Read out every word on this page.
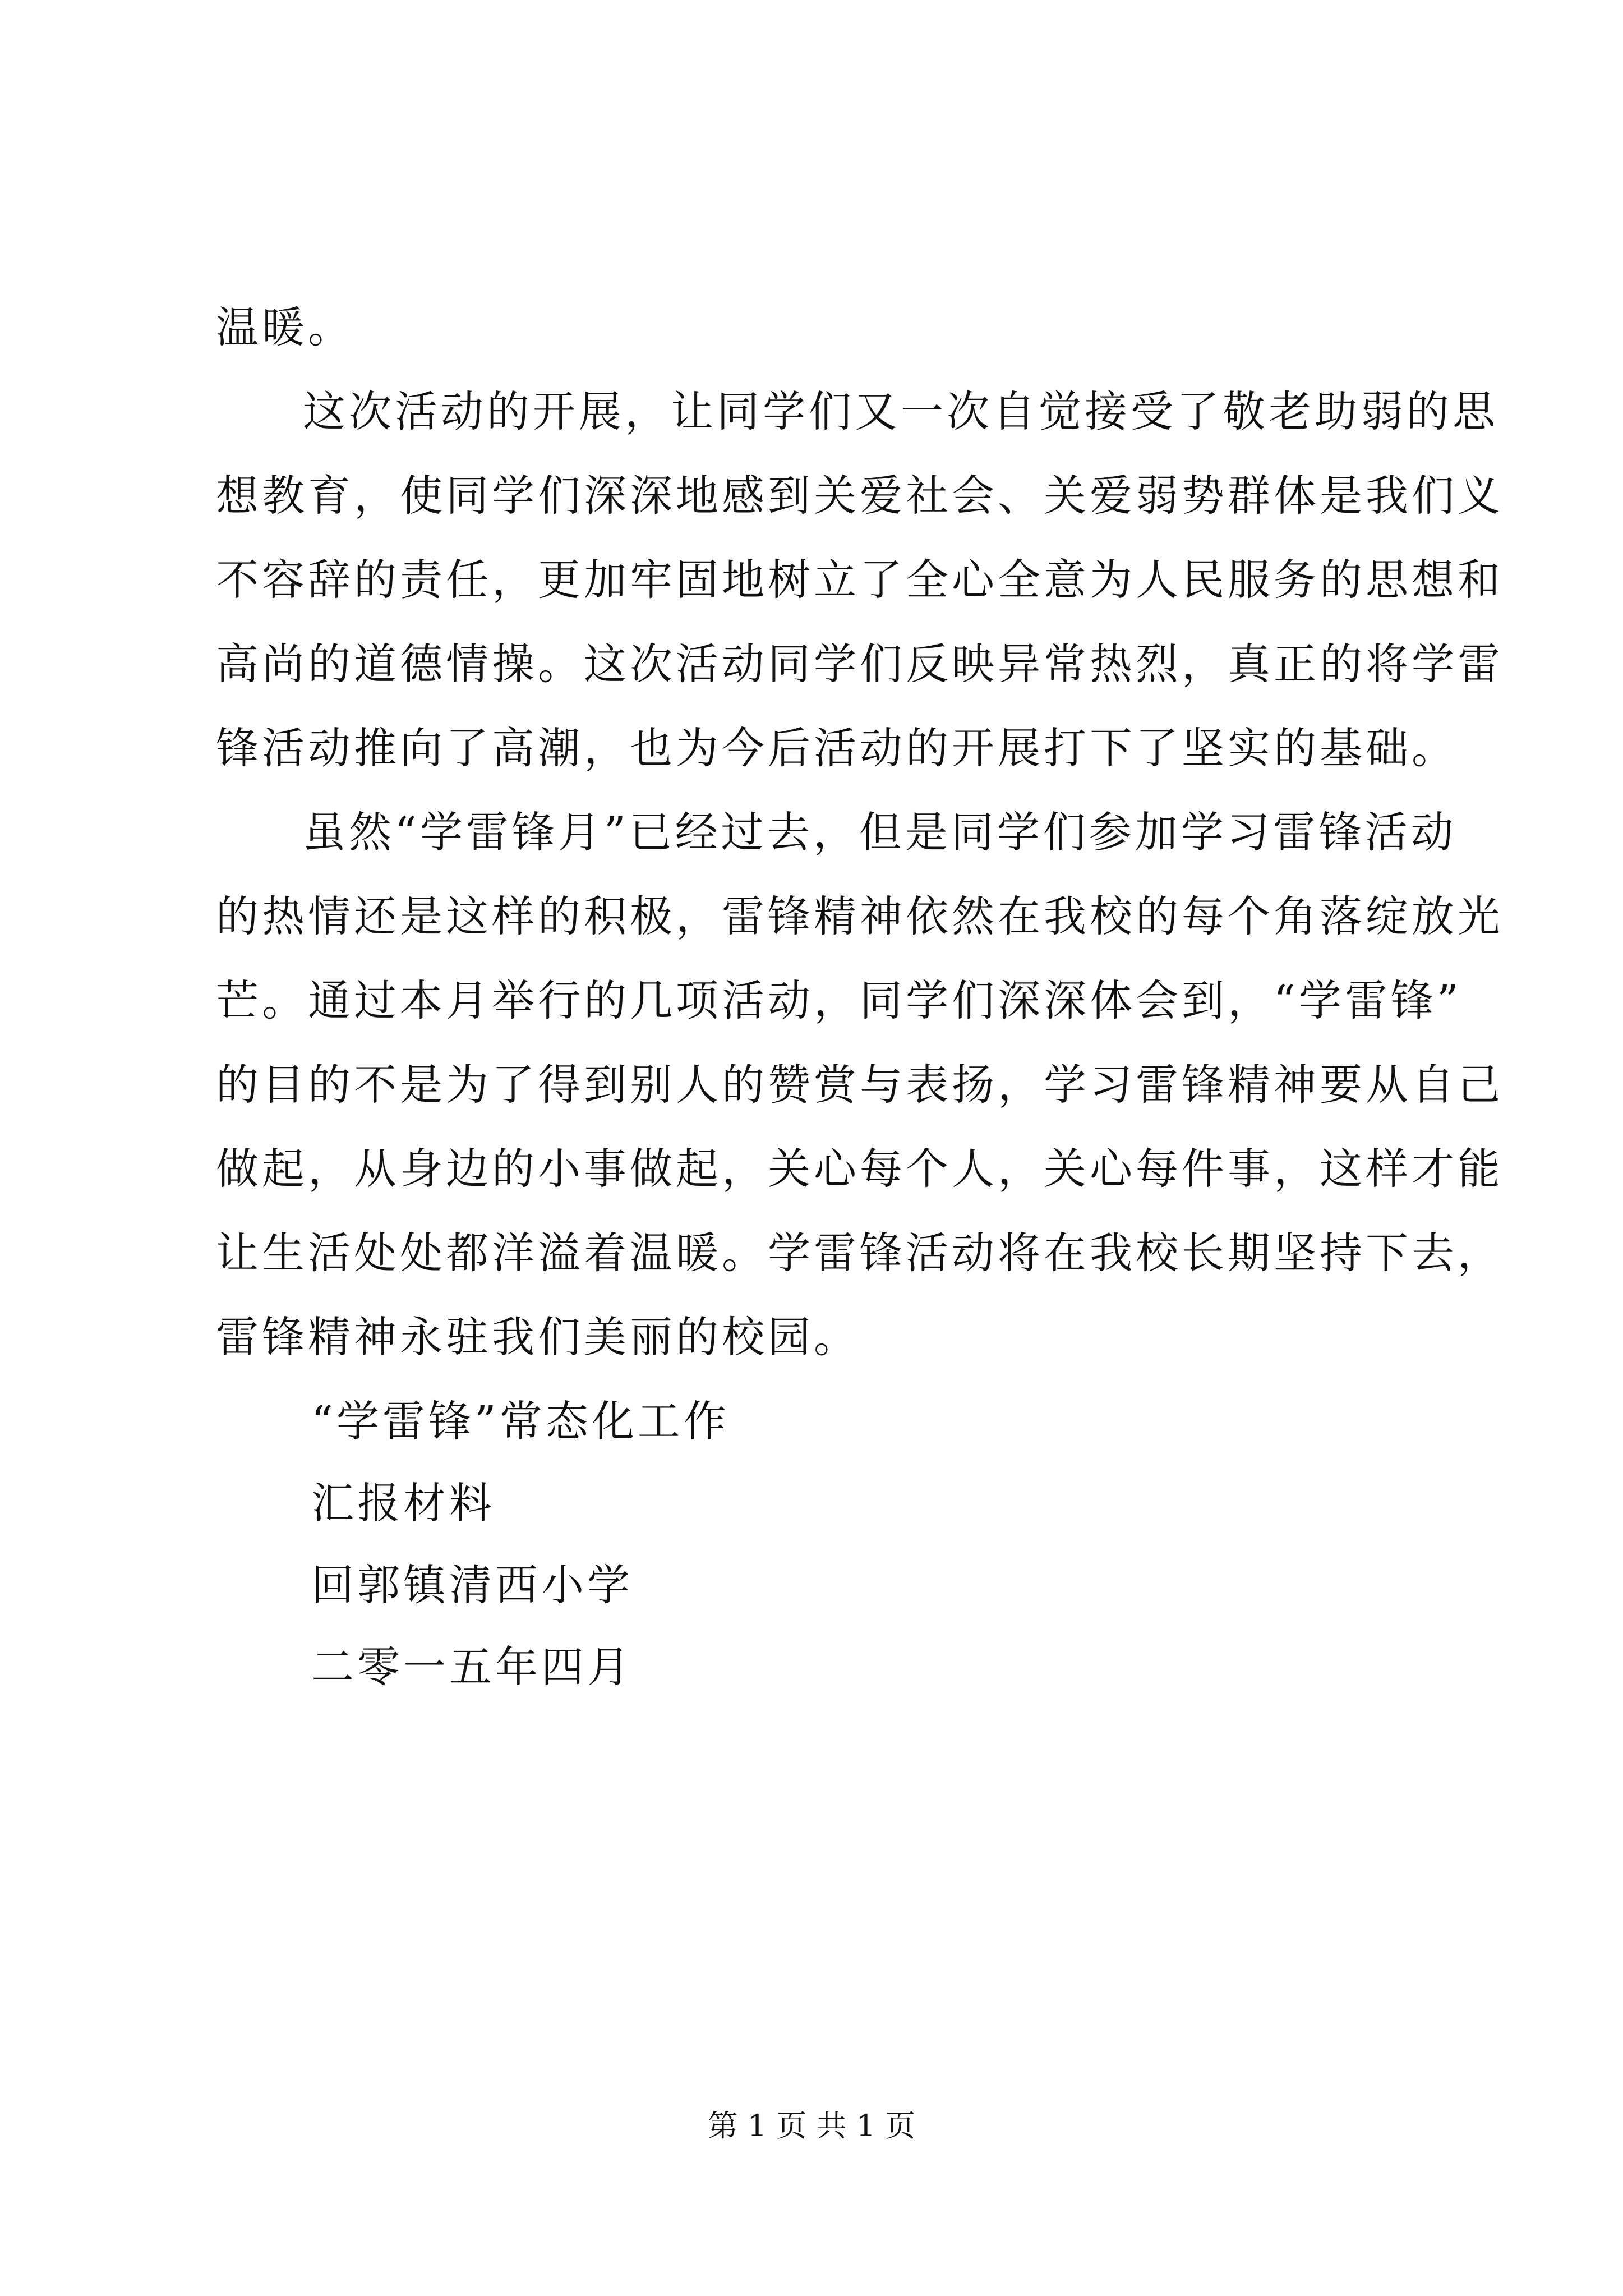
温暖。
这次活动的开展，让同学们又一次自觉接受了敬老助弱的思
想教育，使同学们深深地感到关爱社会、关爱弱势群体是我们义
不容辞的责任，更加牢固地树立了全心全意为人民服务的思想和
高尚的道德情操。这次活动同学们反映异常热烈，真正的将学雷
锋活动推向了高潮，也为今后活动的开展打下了坚实的基础。
虽然“学雷锋月”已经过去，但是同学们参加学习雷锋活动
的热情还是这样的积极，雷锋精神依然在我校的每个角落绽放光
芒。通过本月举行的几项活动，同学们深深体会到，“学雷锋”
的目的不是为了得到别人的赞赏与表扬，学习雷锋精神要从自己
做起，从身边的小事做起，关心每个人，关心每件事，这样才能
让生活处处都洋溢着温暖。学雷锋活动将在我校长期坚持下去，
雷锋精神永驻我们美丽的校园。
“学雷锋”常态化工作
汇报材料
回郭镇清西小学
二零一五年四月
第 1 页 共 1 页
